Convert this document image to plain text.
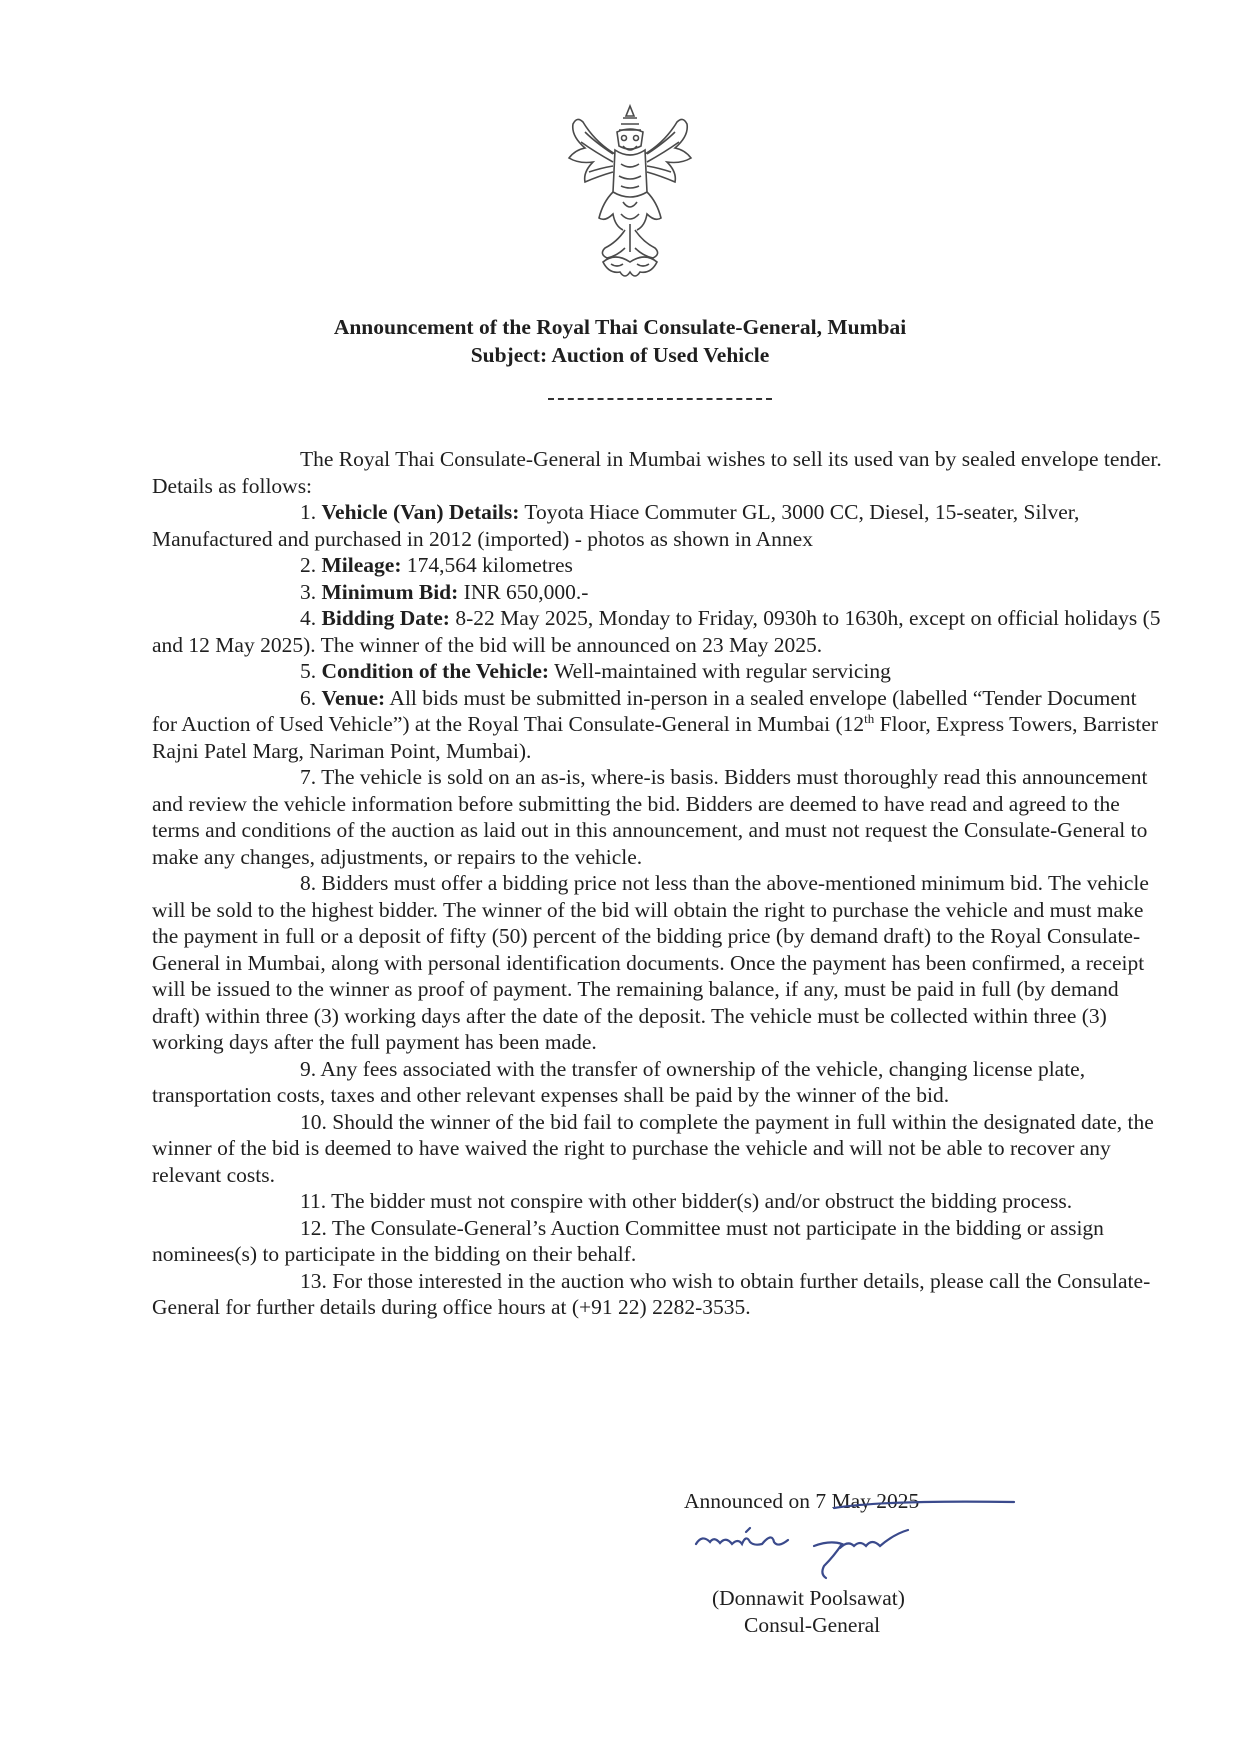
Announcement of the Royal Thai Consulate-General, Mumbai
Subject: Auction of Used Vehicle

The Royal Thai Consulate-General in Mumbai wishes to sell its used van by sealed envelope tender. Details as follows:

1. Vehicle (Van) Details: Toyota Hiace Commuter GL, 3000 CC, Diesel, 15-seater, Silver, Manufactured and purchased in 2012 (imported) - photos as shown in Annex

2. Mileage: 174,564 kilometres

3. Minimum Bid: INR 650,000.-

4. Bidding Date: 8-22 May 2025, Monday to Friday, 0930h to 1630h, except on official holidays (5 and 12 May 2025). The winner of the bid will be announced on 23 May 2025.

5. Condition of the Vehicle: Well-maintained with regular servicing

6. Venue: All bids must be submitted in-person in a sealed envelope (labelled “Tender Document for Auction of Used Vehicle”) at the Royal Thai Consulate-General in Mumbai (12th Floor, Express Towers, Barrister Rajni Patel Marg, Nariman Point, Mumbai).

7. The vehicle is sold on an as-is, where-is basis. Bidders must thoroughly read this announcement and review the vehicle information before submitting the bid. Bidders are deemed to have read and agreed to the terms and conditions of the auction as laid out in this announcement, and must not request the Consulate-General to make any changes, adjustments, or repairs to the vehicle.

8. Bidders must offer a bidding price not less than the above-mentioned minimum bid. The vehicle will be sold to the highest bidder. The winner of the bid will obtain the right to purchase the vehicle and must make the payment in full or a deposit of fifty (50) percent of the bidding price (by demand draft) to the Royal Consulate-General in Mumbai, along with personal identification documents. Once the payment has been confirmed, a receipt will be issued to the winner as proof of payment. The remaining balance, if any, must be paid in full (by demand draft) within three (3) working days after the date of the deposit. The vehicle must be collected within three (3) working days after the full payment has been made.

9. Any fees associated with the transfer of ownership of the vehicle, changing license plate, transportation costs, taxes and other relevant expenses shall be paid by the winner of the bid.

10. Should the winner of the bid fail to complete the payment in full within the designated date, the winner of the bid is deemed to have waived the right to purchase the vehicle and will not be able to recover any relevant costs.

11. The bidder must not conspire with other bidder(s) and/or obstruct the bidding process.

12. The Consulate-General’s Auction Committee must not participate in the bidding or assign nominees(s) to participate in the bidding on their behalf.

13. For those interested in the auction who wish to obtain further details, please call the Consulate-General for further details during office hours at (+91 22) 2282-3535.

Announced on 7 May 2025
(Donnawit Poolsawat)
Consul-General
